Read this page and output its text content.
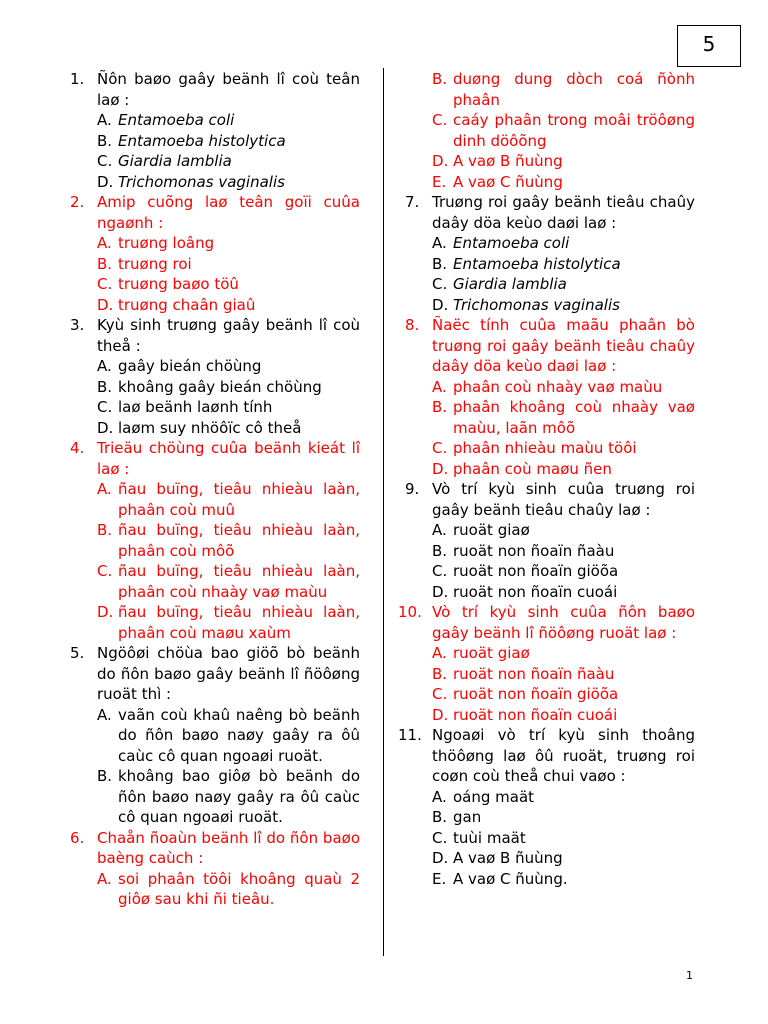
5
1. Ñôn baøo gaây beänh lî coù teân laø :
A. Entamoeba coli
B. Entamoeba histolytica
C. Giardia lamblia
D. Trichomonas vaginalis
2. Amip cuõng laø teân goïi cuûa ngaønh :
A. truøng loâng
B. truøng roi
C. truøng baøo töû
D. truøng chaân giaû
3. Kyù sinh truøng gaây beänh lî coù theå :
A. gaây bieán chöùng
B. khoâng gaây bieán chöùng
C. laø beänh laønh tính
D. laøm suy nhöôïc cô theå
4. Trieäu chöùng cuûa beänh kieát lî laø :
A. ñau buïng, tieâu nhieàu laàn, phaân coù muû
B. ñau buïng, tieâu nhieàu laàn, phaân coù môõ
C. ñau buïng, tieâu nhieàu laàn, phaân coù nhaày vaø maùu
D. ñau buïng, tieâu nhieàu laàn, phaân coù maøu xaùm
5. Ngöôøi chöùa bao giöõ bò beänh do ñôn baøo gaây beänh lî ñöôøng ruoät thì :
A. vaãn coù khaû naêng bò beänh do ñôn baøo naøy gaây ra ôû caùc cô quan ngoaøi ruoät.
B. khoâng bao giôø bò beänh do ñôn baøo naøy gaây ra ôû caùc cô quan ngoaøi ruoät.
6. Chaån ñoaùn beänh lî do ñôn baøo baèng caùch :
A. soi phaân töôi khoâng quaù 2 giôø sau khi ñi tieâu.
B. duøng dung dòch coá ñònh phaân
C. caáy phaân trong moâi tröôøng dinh döôõng
D. A vaø B ñuùng
E. A vaø C ñuùng
7. Truøng roi gaây beänh tieâu chaûy daây döa keùo daøi laø :
A. Entamoeba coli
B. Entamoeba histolytica
C. Giardia lamblia
D. Trichomonas vaginalis
8. Ñaëc tính cuûa maãu phaân bò truøng roi gaây beänh tieâu chaûy daây döa keùo daøi laø :
A. phaân coù nhaày vaø maùu
B. phaân khoâng coù nhaày vaø maùu, laãn môõ
C. phaân nhieàu maùu töôi
D. phaân coù maøu ñen
9. Vò trí kyù sinh cuûa truøng roi gaây beänh tieâu chaûy laø :
A. ruoät giaø
B. ruoät non ñoaïn ñaàu
C. ruoät non ñoaïn giöõa
D. ruoät non ñoaïn cuoái
10. Vò trí kyù sinh cuûa ñôn baøo gaây beänh lî ñöôøng ruoät laø :
A. ruoät giaø
B. ruoät non ñoaïn ñaàu
C. ruoät non ñoaïn giöõa
D. ruoät non ñoaïn cuoái
11. Ngoaøi vò trí kyù sinh thoâng thöôøng laø ôû ruoät, truøng roi coøn coù theå chui vaøo :
A. oáng maät
B. gan
C. tuùi maät
D. A vaø B ñuùng
E. A vaø C ñuùng.
1
